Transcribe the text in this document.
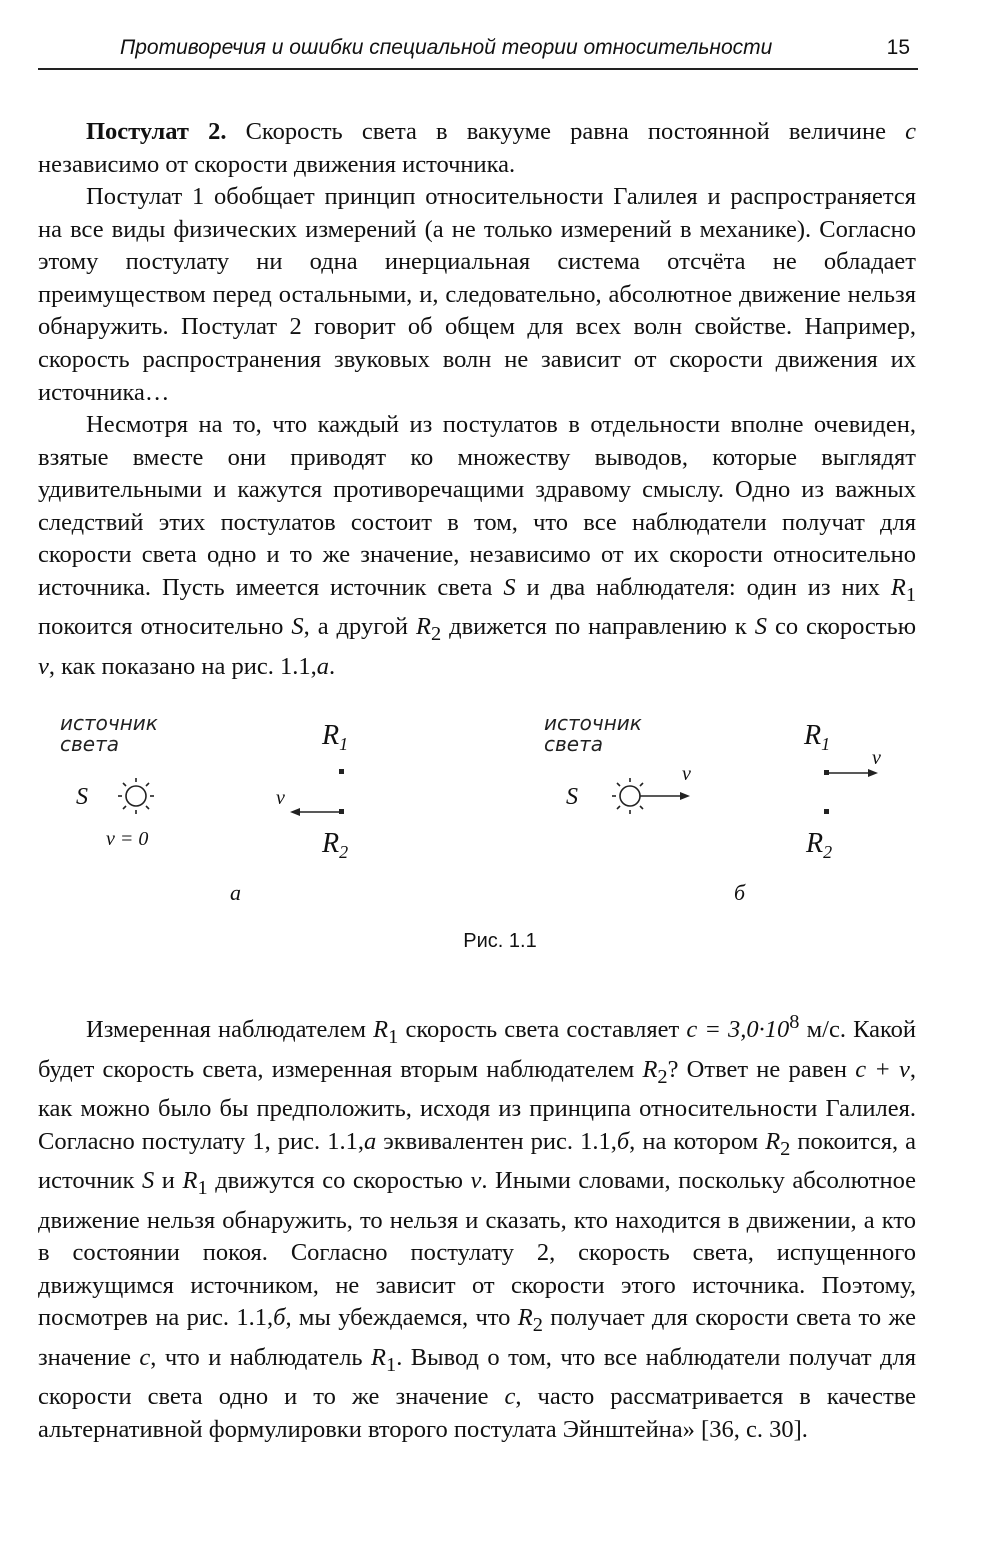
Противоречия и ошибки специальной теории относительности	15

Постулат 2. Скорость света в вакууме равна постоянной величине c независимо от скорости движения источника.

Постулат 1 обобщает принцип относительности Галилея и распространяется на все виды физических измерений (а не только измерений в механике). Согласно этому постулату ни одна инерциальная система отсчёта не обладает преимуществом перед остальными, и, следовательно, абсолютное движение нельзя обнаружить. Постулат 2 говорит об общем для всех волн свойстве. Например, скорость распространения звуковых волн не зависит от скорости движения их источника…

Несмотря на то, что каждый из постулатов в отдельности вполне очевиден, взятые вместе они приводят ко множеству выводов, которые выглядят удивительными и кажутся противоречащими здравому смыслу. Одно из важных следствий этих постулатов состоит в том, что все наблюдатели получат для скорости света одно и то же значение, независимо от их скорости относительно источника. Пусть имеется источник света S и два наблюдателя: один из них $R_1$ покоится относительно S, а другой $R_2$ движется по направлению к S со скоростью v, как показано на рис. 1.1,а.

источник
света
источник
света
S
v = 0
$R_1$
$R_2$
v
а
S
v
$R_1$
v
$R_2$
б
Рис. 1.1

Измеренная наблюдателем $R_1$ скорость света составляет $c = 3,0\cdot 10^8$ м/с. Какой будет скорость света, измеренная вторым наблюдателем $R_2$? Ответ не равен c + v, как можно было бы предположить, исходя из принципа относительности Галилея. Согласно постулату 1, рис. 1.1,а эквивалентен рис. 1.1,б, на котором $R_2$ покоится, а источник S и $R_1$ движутся со скоростью v. Иными словами, поскольку абсолютное движение нельзя обнаружить, то нельзя и сказать, кто находится в движении, а кто в состоянии покоя. Согласно постулату 2, скорость света, испущенного движущимся источником, не зависит от скорости этого источника. Поэтому, посмотрев на рис. 1.1,б, мы убеждаемся, что $R_2$ получает для скорости света то же значение c, что и наблюдатель $R_1$. Вывод о том, что все наблюдатели получат для скорости света одно и то же значение c, часто рассматривается в качестве альтернативной формулировки второго постулата Эйнштейна» [36, с. 30].
